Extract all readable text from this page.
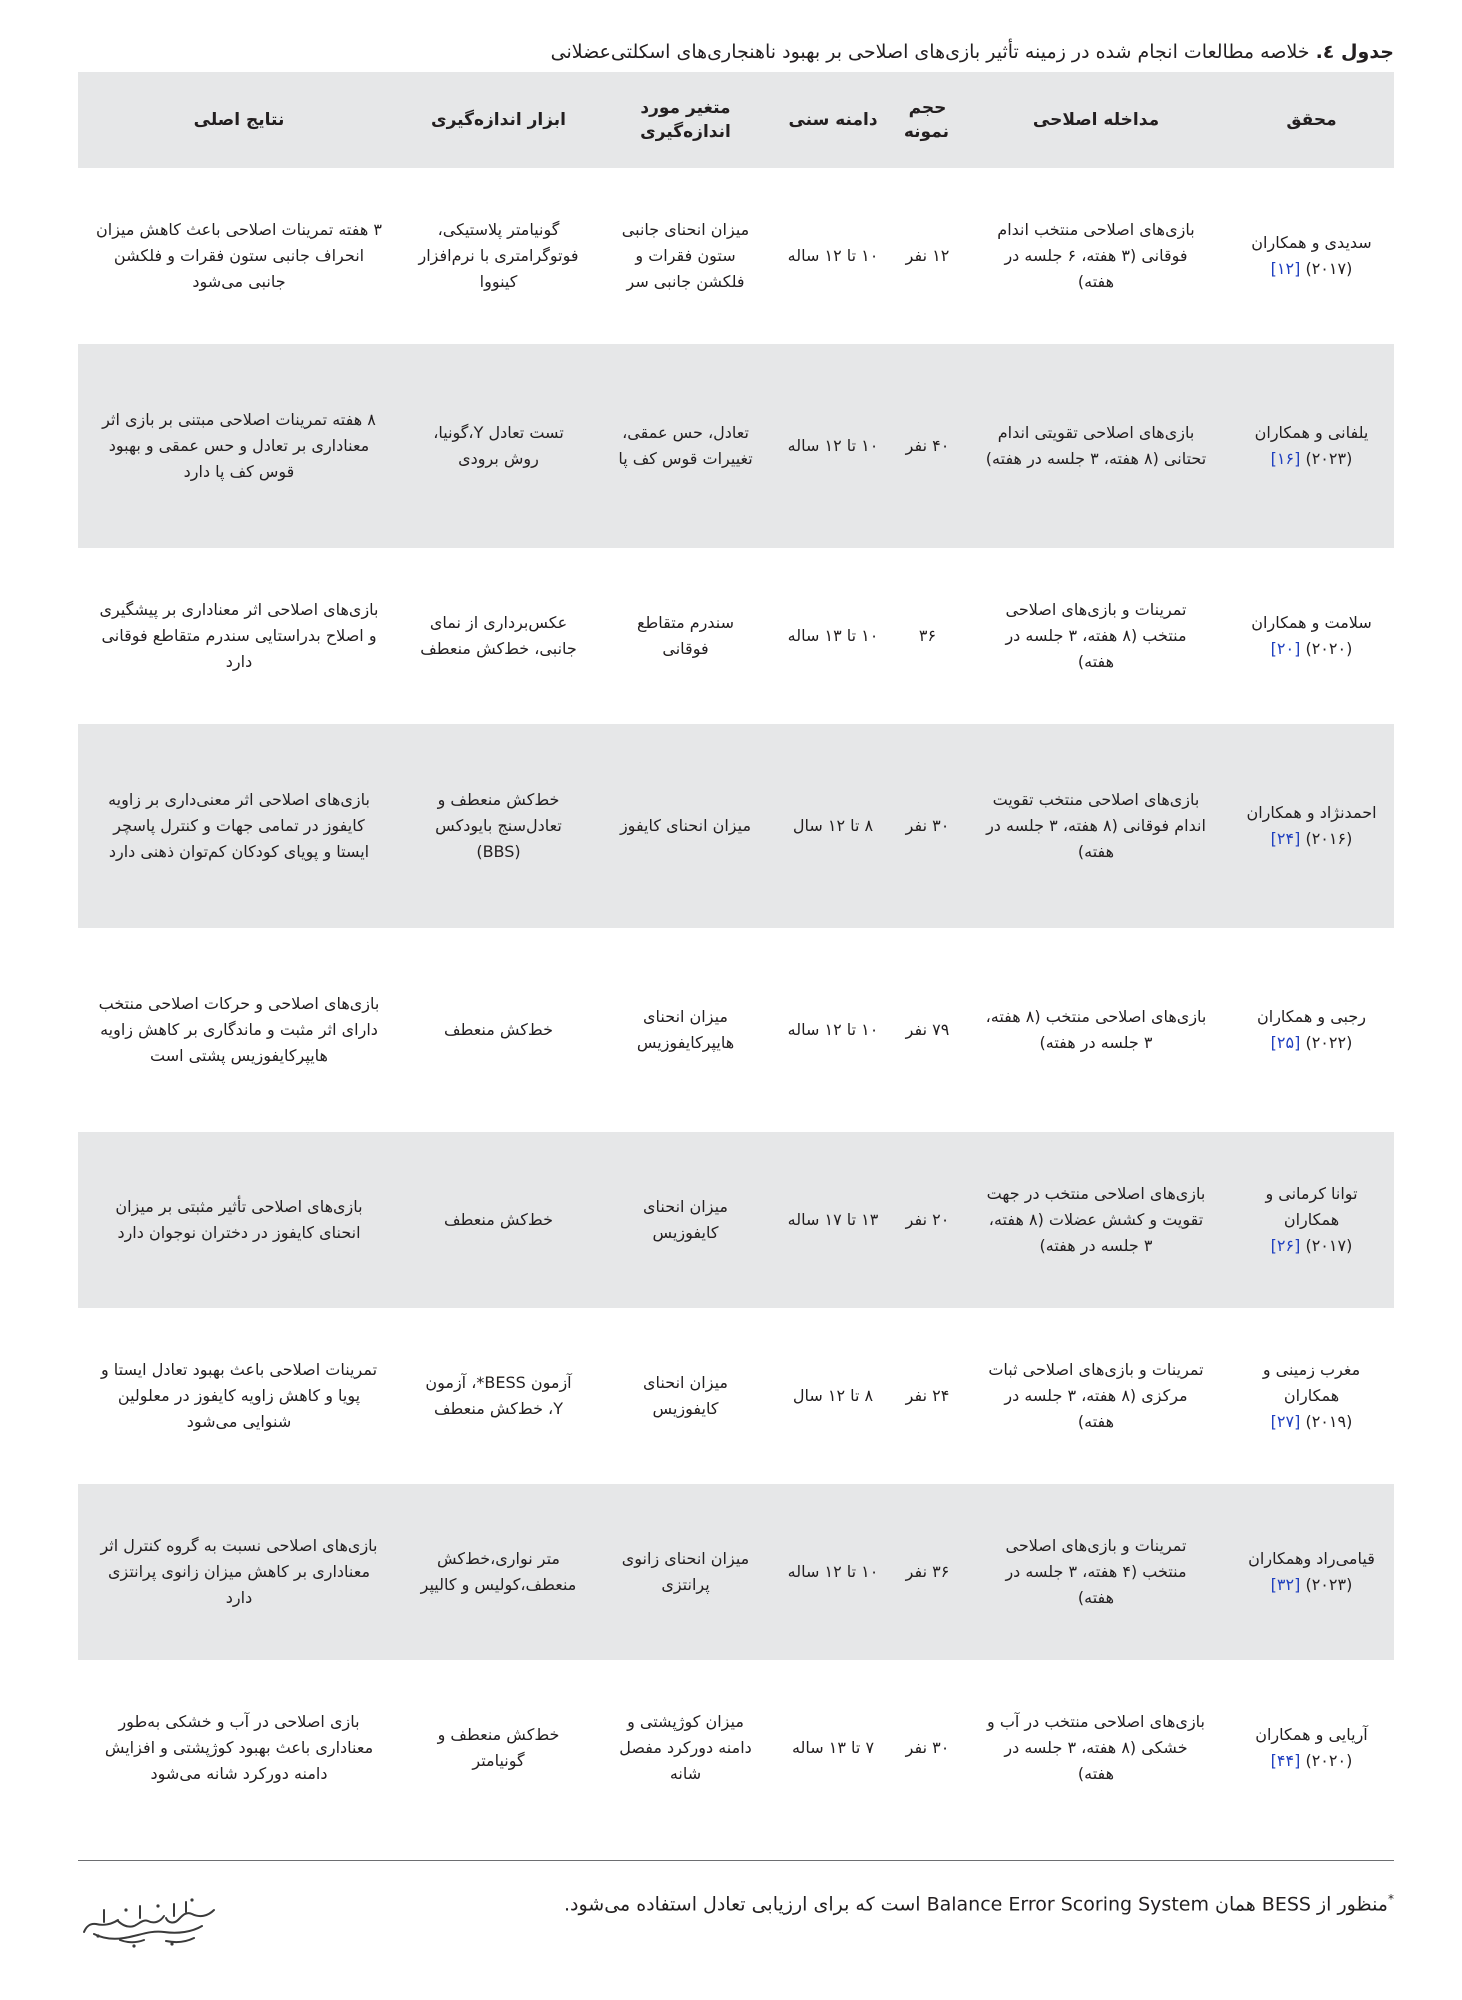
جدول ٤. خلاصه مطالعات انجام شده در زمینه تأثیر بازی‌های اصلاحی بر بهبود ناهنجاری‌های اسکلتی‌عضلانی
محقق	مداخله اصلاحی	حجم نمونه	دامنه سنی	متغیر مورد اندازه‌گیری	ابزار اندازه‌گیری	نتایج اصلی

سدیدی و همکاران
(۲۰۱۷) [۱۲]	بازی‌های اصلاحی منتخب اندام فوقانی (۳ هفته، ۶ جلسه در هفته)	۱۲ نفر	۱۰ تا ۱۲ ساله	میزان انحنای جانبی ستون فقرات و فلکشن جانبی سر	گونیامتر پلاستیکی، فوتوگرامتری با نرم‌افزار کینووا	۳ هفته تمرینات اصلاحی باعث کاهش میزان انحراف جانبی ستون فقرات و فلکشن جانبی می‌شود

یلفانی و همکاران
(۲۰۲۳) [۱۶]	بازی‌های اصلاحی تقویتی اندام تحتانی (۸ هفته، ۳ جلسه در هفته)	۴۰ نفر	۱۰ تا ۱۲ ساله	تعادل، حس عمقی، تغییرات قوس کف پا	تست تعادل Y،گونیا، روش برودی	۸ هفته تمرینات اصلاحی مبتنی بر بازی اثر معناداری بر تعادل و حس عمقی و بهبود قوس کف پا دارد

سلامت و همکاران
(۲۰۲۰) [۲۰]	تمرینات و بازی‌های اصلاحی منتخب (۸ هفته، ۳ جلسه در هفته)	۳۶	۱۰ تا ۱۳ ساله	سندرم متقاطع فوقانی	عکس‌برداری از نمای جانبی، خط‌کش منعطف	بازی‌های اصلاحی اثر معناداری بر پیشگیری و اصلاح بدراستایی سندرم متقاطع فوقانی دارد

احمدنژاد و همکاران
(۲۰۱۶) [۲۴]	بازی‌های اصلاحی منتخب تقویت اندام فوقانی (۸ هفته، ۳ جلسه در هفته)	۳۰ نفر	۸ تا ۱۲ سال	میزان انحنای کایفوز	خط‌کش منعطف و تعادل‌سنج بایودکس (BBS)	بازی‌های اصلاحی اثر معنی‌داری بر زاویه کایفوز در تمامی جهات و کنترل پاسچر ایستا و پویای کودکان کم‌توان ذهنی دارد

رجبی و همکاران
(۲۰۲۲) [۲۵]	بازی‌های اصلاحی منتخب (۸ هفته، ۳ جلسه در هفته)	۷۹ نفر	۱۰ تا ۱۲ ساله	میزان انحنای هایپرکایفوزیس	خط‌کش منعطف	بازی‌های اصلاحی و حرکات اصلاحی منتخب دارای اثر مثبت و ماندگاری بر کاهش زاویه هایپرکایفوزیس پشتی است

توانا کرمانی و همکاران
(۲۰۱۷) [۲۶]	بازی‌های اصلاحی منتخب در جهت تقویت و کشش عضلات (۸ هفته، ۳ جلسه در هفته)	۲۰ نفر	۱۳ تا ۱۷ ساله	میزان انحنای کایفوزیس	خط‌کش منعطف	بازی‌های اصلاحی تأثیر مثبتی بر میزان انحنای کایفوز در دختران نوجوان دارد

مغرب زمینی و همکاران
(۲۰۱۹) [۲۷]	تمرینات و بازی‌های اصلاحی ثبات مرکزی (۸ هفته، ۳ جلسه در هفته)	۲۴ نفر	۸ تا ۱۲ سال	میزان انحنای کایفوزیس	آزمون BESS*، آزمون Y، خط‌کش منعطف	تمرینات اصلاحی باعث بهبود تعادل ایستا و پویا و کاهش زاویه کایفوز در معلولین شنوایی می‌شود

قیامی‌راد وهمکاران
(۲۰۲۳) [۳۲]	تمرینات و بازی‌های اصلاحی منتخب (۴ هفته، ۳ جلسه در هفته)	۳۶ نفر	۱۰ تا ۱۲ ساله	میزان انحنای زانوی پرانتزی	متر نواری،خط‌کش منعطف،کولیس و کالیپر	بازی‌های اصلاحی نسبت به گروه کنترل اثر معناداری بر کاهش میزان زانوی پرانتزی دارد

آریایی و همکاران
(۲۰۲۰) [۴۴]	بازی‌های اصلاحی منتخب در آب و خشکی (۸ هفته، ۳ جلسه در هفته)	۳۰ نفر	۷ تا ۱۳ ساله	میزان کوژپشتی و دامنه دورکرد مفصل شانه	خط‌کش منعطف و گونیامتر	بازی اصلاحی در آب و خشکی به‌طور معناداری باعث بهبود کوژپشتی و افزایش دامنه دورکرد شانه می‌شود
*منظور از BESS همان Balance Error Scoring System است که برای ارزیابی تعادل استفاده می‌شود.
